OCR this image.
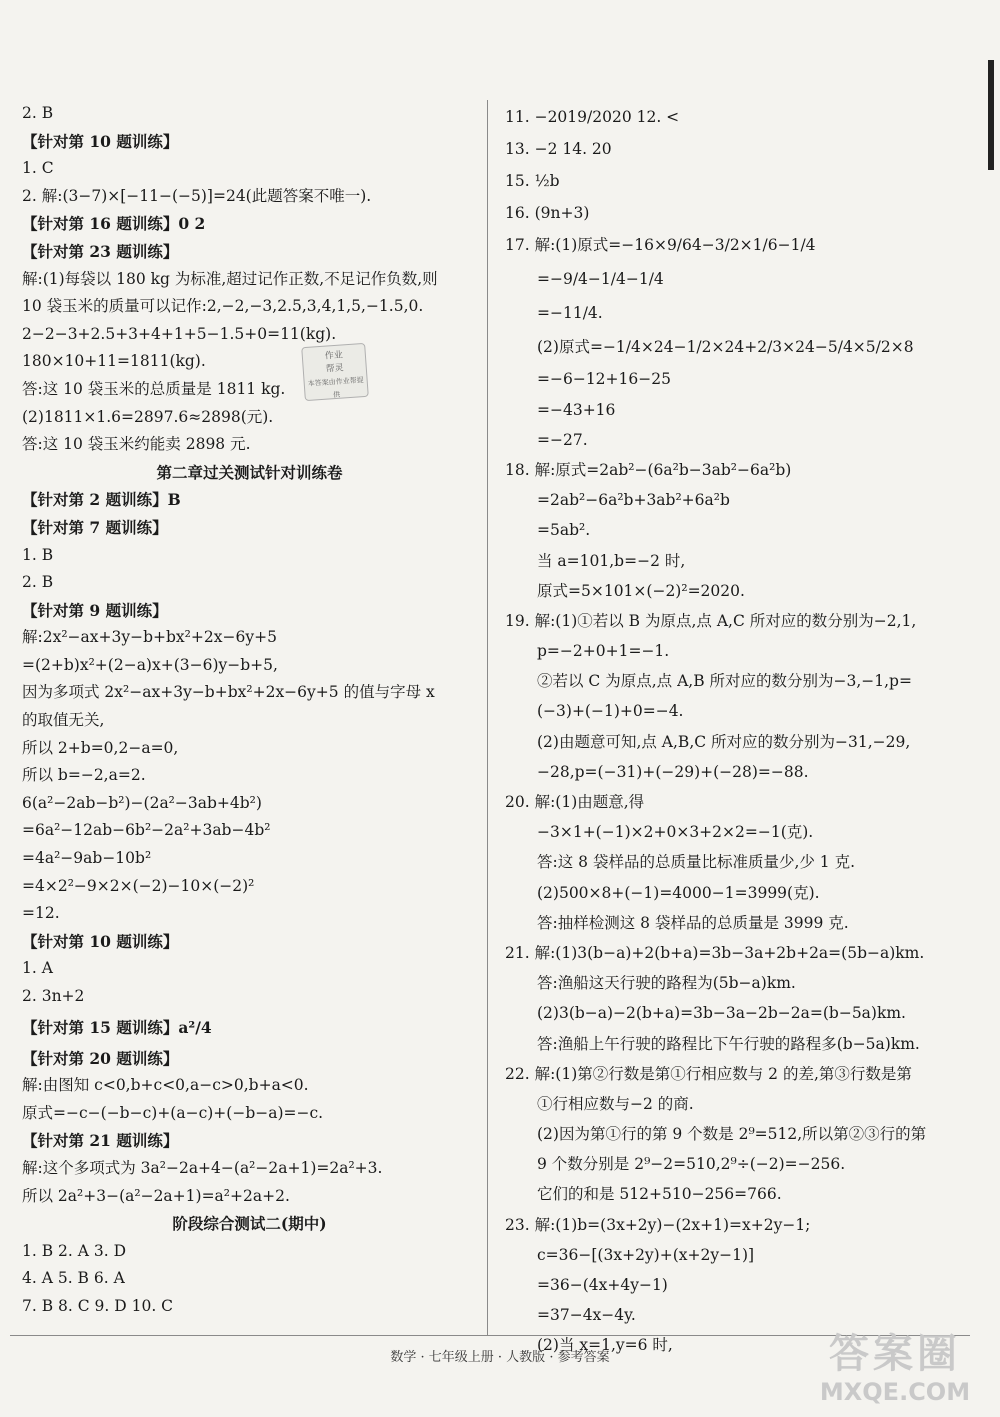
2. B
【针对第 10 题训练】
1. C
2. 解:(3−7)×[−11−(−5)]=24(此题答案不唯一).
【针对第 16 题训练】0 2
【针对第 23 题训练】
解:(1)每袋以 180 kg 为标准,超过记作正数,不足记作负数,则
10 袋玉米的质量可以记作:2,−2,−3,2.5,3,4,1,5,−1.5,0.
2−2−3+2.5+3+4+1+5−1.5+0=11(kg).
180×10+11=1811(kg).
答:这 10 袋玉米的总质量是 1811 kg.
(2)1811×1.6=2897.6≈2898(元).
答:这 10 袋玉米约能卖 2898 元.
第二章过关测试针对训练卷
【针对第 2 题训练】B
【针对第 7 题训练】
1. B
2. B
【针对第 9 题训练】
解:2x²−ax+3y−b+bx²+2x−6y+5
=(2+b)x²+(2−a)x+(3−6)y−b+5,
因为多项式 2x²−ax+3y−b+bx²+2x−6y+5 的值与字母 x
的取值无关,
所以 2+b=0,2−a=0,
所以 b=−2,a=2.
6(a²−2ab−b²)−(2a²−3ab+4b²)
=6a²−12ab−6b²−2a²+3ab−4b²
=4a²−9ab−10b²
=4×2²−9×2×(−2)−10×(−2)²
=12.
【针对第 10 题训练】
1. A
2. 3n+2
【针对第 15 题训练】a²/4
【针对第 20 题训练】
解:由图知 c<0,b+c<0,a−c>0,b+a<0.
原式=−c−(−b−c)+(a−c)+(−b−a)=−c.
【针对第 21 题训练】
解:这个多项式为 3a²−2a+4−(a²−2a+1)=2a²+3.
所以 2a²+3−(a²−2a+1)=a²+2a+2.
阶段综合测试二(期中)
1. B 2. A 3. D
4. A 5. B 6. A
7. B 8. C 9. D 10. C
11. −2019/2020 12. <
13. −2 14. 20
15. ½b
16. (9n+3)
17. 解:(1)原式=−16×9/64−3/2×1/6−1/4
=−9/4−1/4−1/4
=−11/4.
(2)原式=−1/4×24−1/2×24+2/3×24−5/4×5/2×8
=−6−12+16−25
=−43+16
=−27.
18. 解:原式=2ab²−(6a²b−3ab²−6a²b)
=2ab²−6a²b+3ab²+6a²b
=5ab².
当 a=101,b=−2 时,
原式=5×101×(−2)²=2020.
19. 解:(1)①若以 B 为原点,点 A,C 所对应的数分别为−2,1,
p=−2+0+1=−1.
②若以 C 为原点,点 A,B 所对应的数分别为−3,−1,p=
(−3)+(−1)+0=−4.
(2)由题意可知,点 A,B,C 所对应的数分别为−31,−29,
−28,p=(−31)+(−29)+(−28)=−88.
20. 解:(1)由题意,得
−3×1+(−1)×2+0×3+2×2=−1(克).
答:这 8 袋样品的总质量比标准质量少,少 1 克.
(2)500×8+(−1)=4000−1=3999(克).
答:抽样检测这 8 袋样品的总质量是 3999 克.
21. 解:(1)3(b−a)+2(b+a)=3b−3a+2b+2a=(5b−a)km.
答:渔船这天行驶的路程为(5b−a)km.
(2)3(b−a)−2(b+a)=3b−3a−2b−2a=(b−5a)km.
答:渔船上午行驶的路程比下午行驶的路程多(b−5a)km.
22. 解:(1)第②行数是第①行相应数与 2 的差,第③行数是第
①行相应数与−2 的商.
(2)因为第①行的第 9 个数是 2⁹=512,所以第②③行的第
9 个数分别是 2⁹−2=510,2⁹÷(−2)=−256.
它们的和是 512+510−256=766.
23. 解:(1)b=(3x+2y)−(2x+1)=x+2y−1;
c=36−[(3x+2y)+(x+2y−1)]
=36−(4x+4y−1)
=37−4x−4y.
(2)当 x=1,y=6 时,
作业
帮灵
本答案由作业帮提供
数学 · 七年级上册 · 人教版 · 参考答案	答案圈
MXQE.COM
